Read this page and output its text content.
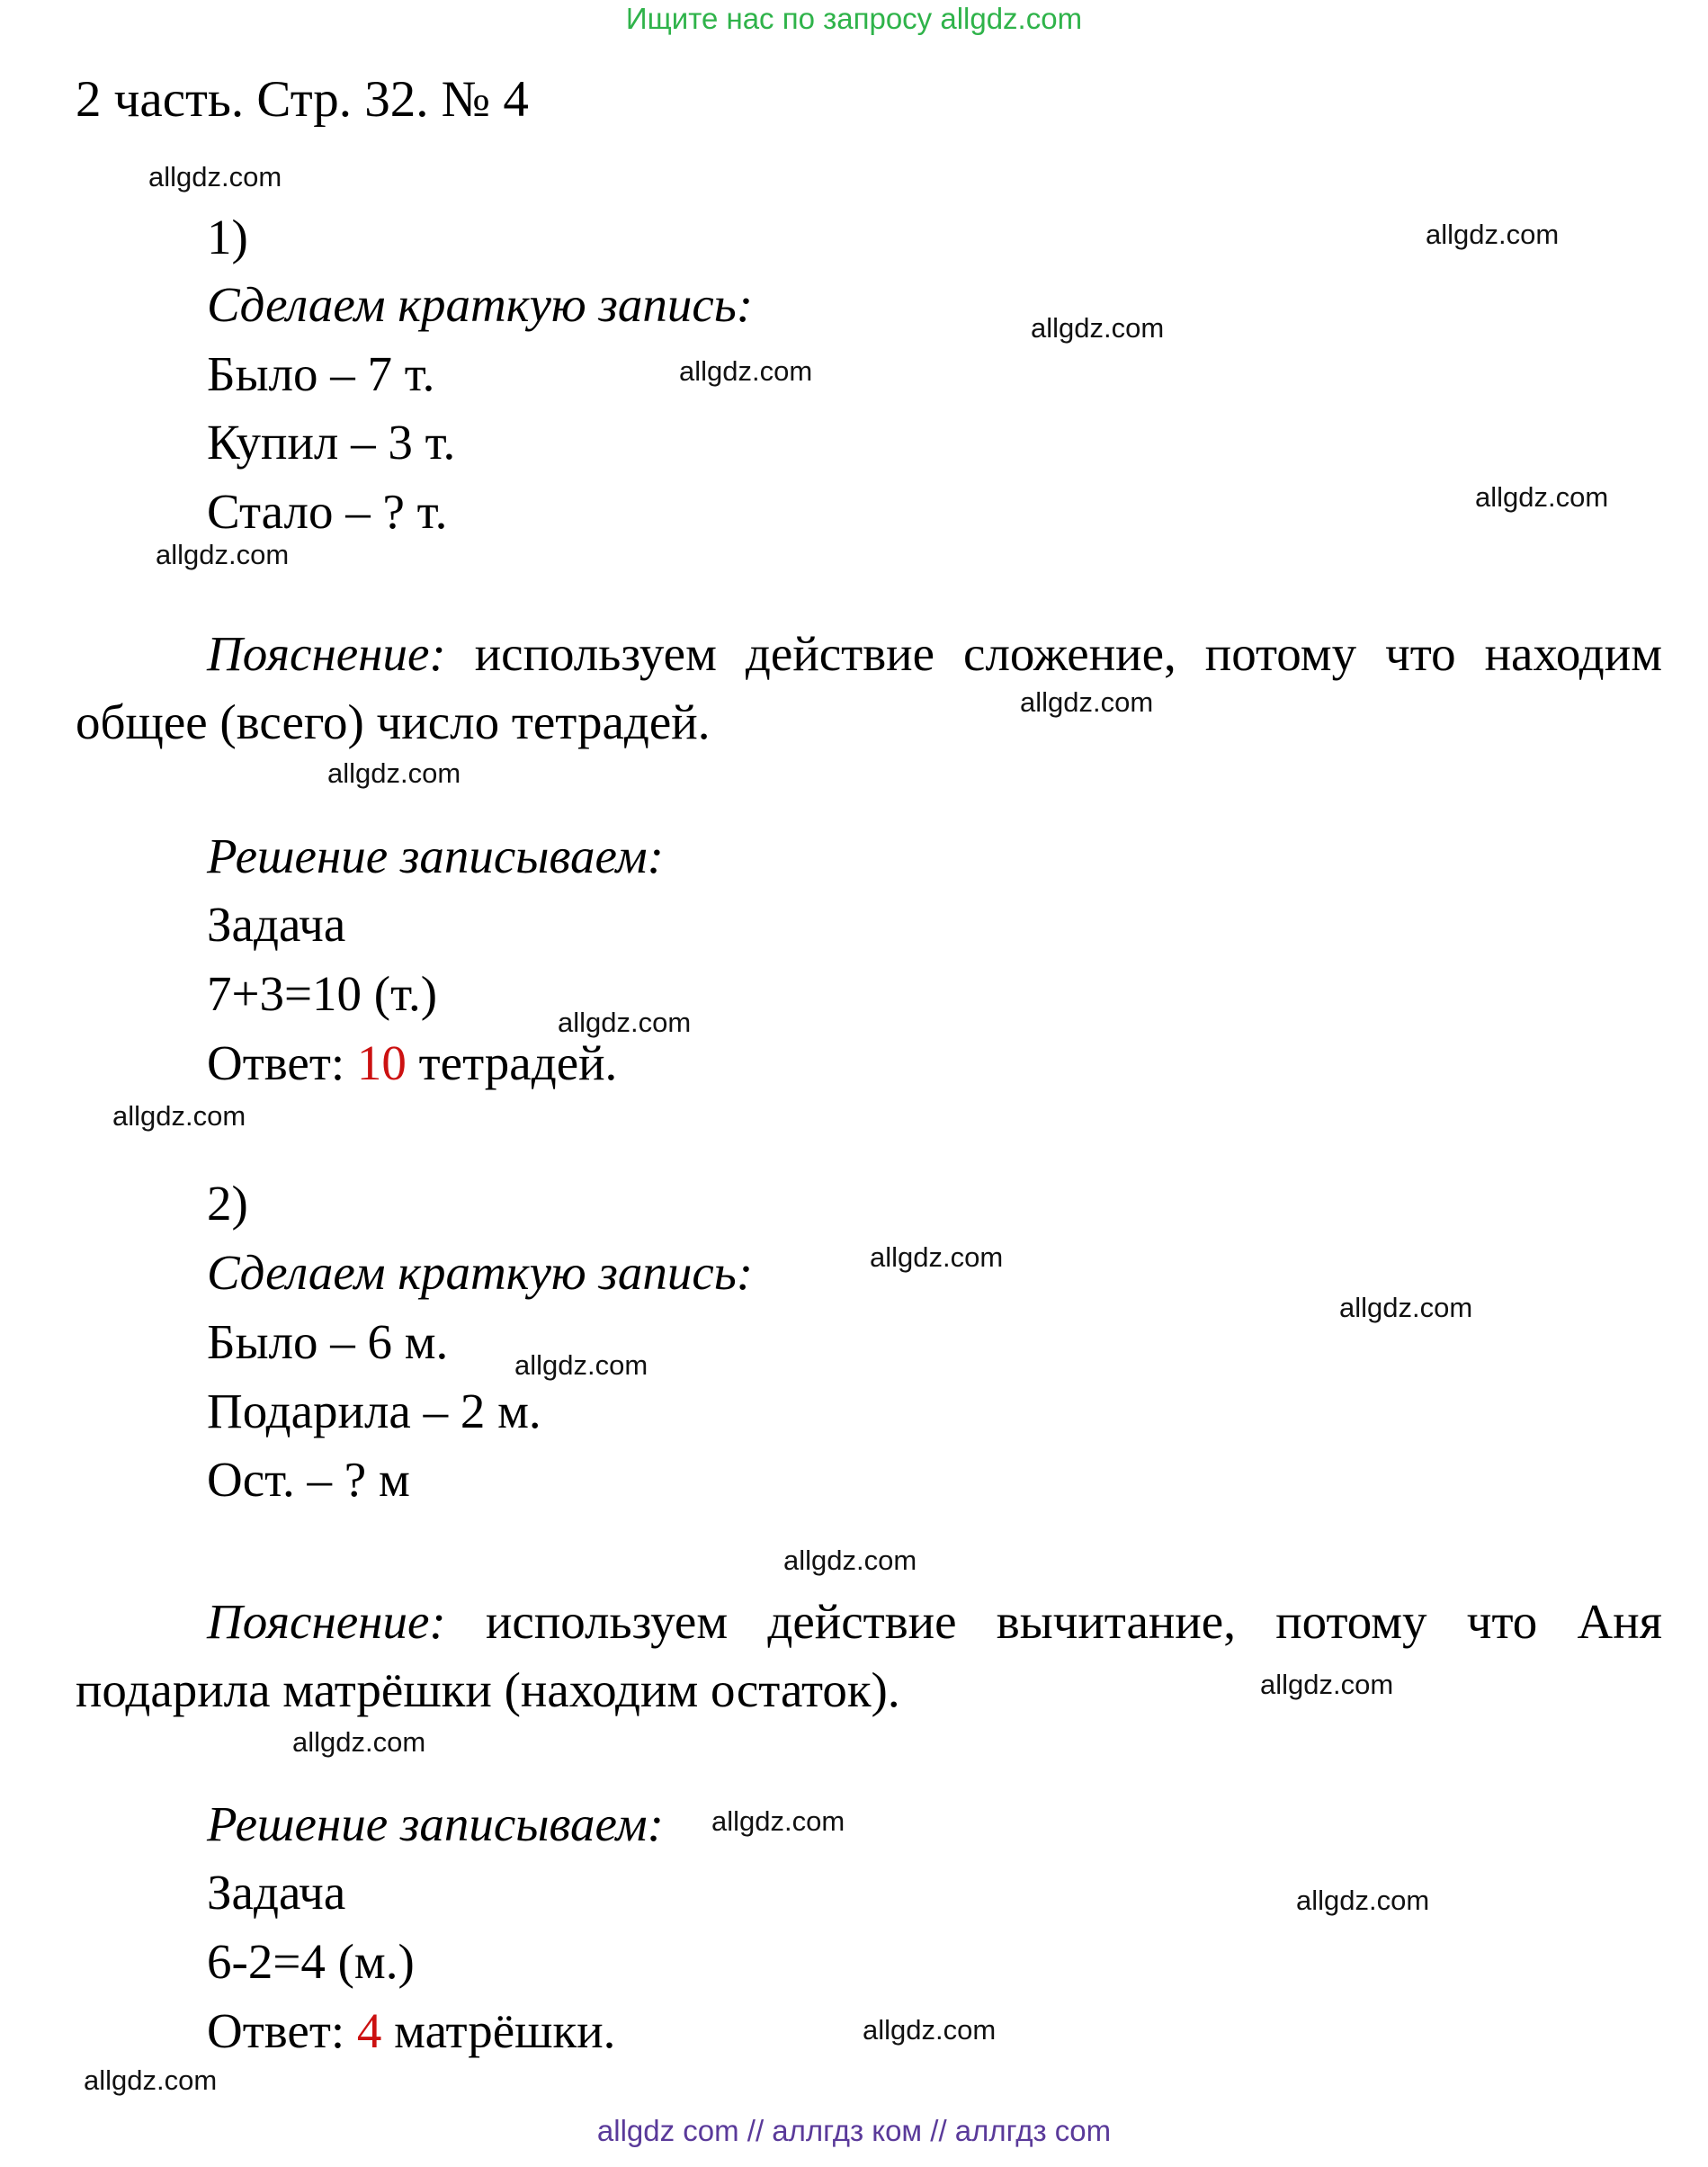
Ищите нас по запросу allgdz.com
2 часть. Стр. 32. № 4
1)
Сделаем краткую запись:
Было – 7 т.
Купил – 3 т.
Стало – ? т.
Пояснение: используем действие сложение, потому что находим общее (всего) число тетрадей.
Решение записываем:
Задача
7+3=10 (т.)
Ответ: 10 тетрадей.
2)
Сделаем краткую запись:
Было – 6 м.
Подарила – 2 м.
Ост. – ? м
Пояснение: используем действие вычитание, потому что Аня подарила матрёшки (находим остаток).
Решение записываем:
Задача
6-2=4 (м.)
Ответ: 4 матрёшки.
allgdz.com
allgdz.com
allgdz.com
allgdz.com
allgdz.com
allgdz.com
allgdz.com
allgdz.com
allgdz.com
allgdz.com
allgdz.com
allgdz.com
allgdz.com
allgdz.com
allgdz.com
allgdz.com
allgdz.com
allgdz.com
allgdz.com
allgdz.com
allgdz com // аллгдз ком // аллгдз com
